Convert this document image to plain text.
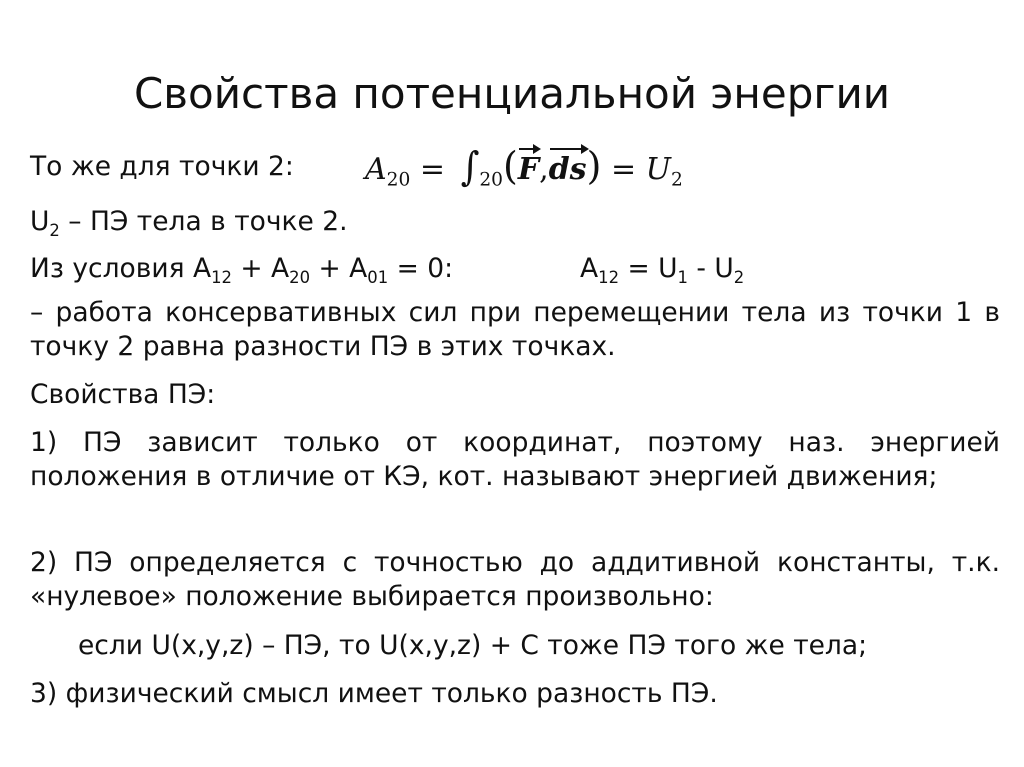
Свойства потенциальной энергии
То же для точки 2: $A_{20} = \int_{20}(F,ds) = U_2$
$U_2$ – ПЭ тела в точке 2.
Из условия $А_{12} + А_{20} + А_{01} = 0$:	$А_{12} = U_1 - U_2$
– работа консервативных сил при перемещении тела из точки 1 в точку 2 равна разности ПЭ в этих точках.
Свойства ПЭ:
1) ПЭ зависит только от координат, поэтому наз. энергией положения в отличие от КЭ, кот. называют энергией движения;
2) ПЭ определяется с точностью до аддитивной константы, т.к. «нулевое» положение выбирается произвольно:
если U(x,y,z) – ПЭ, то U(x,y,z) + C тоже ПЭ того же тела;
3) физический смысл имеет только разность ПЭ.
